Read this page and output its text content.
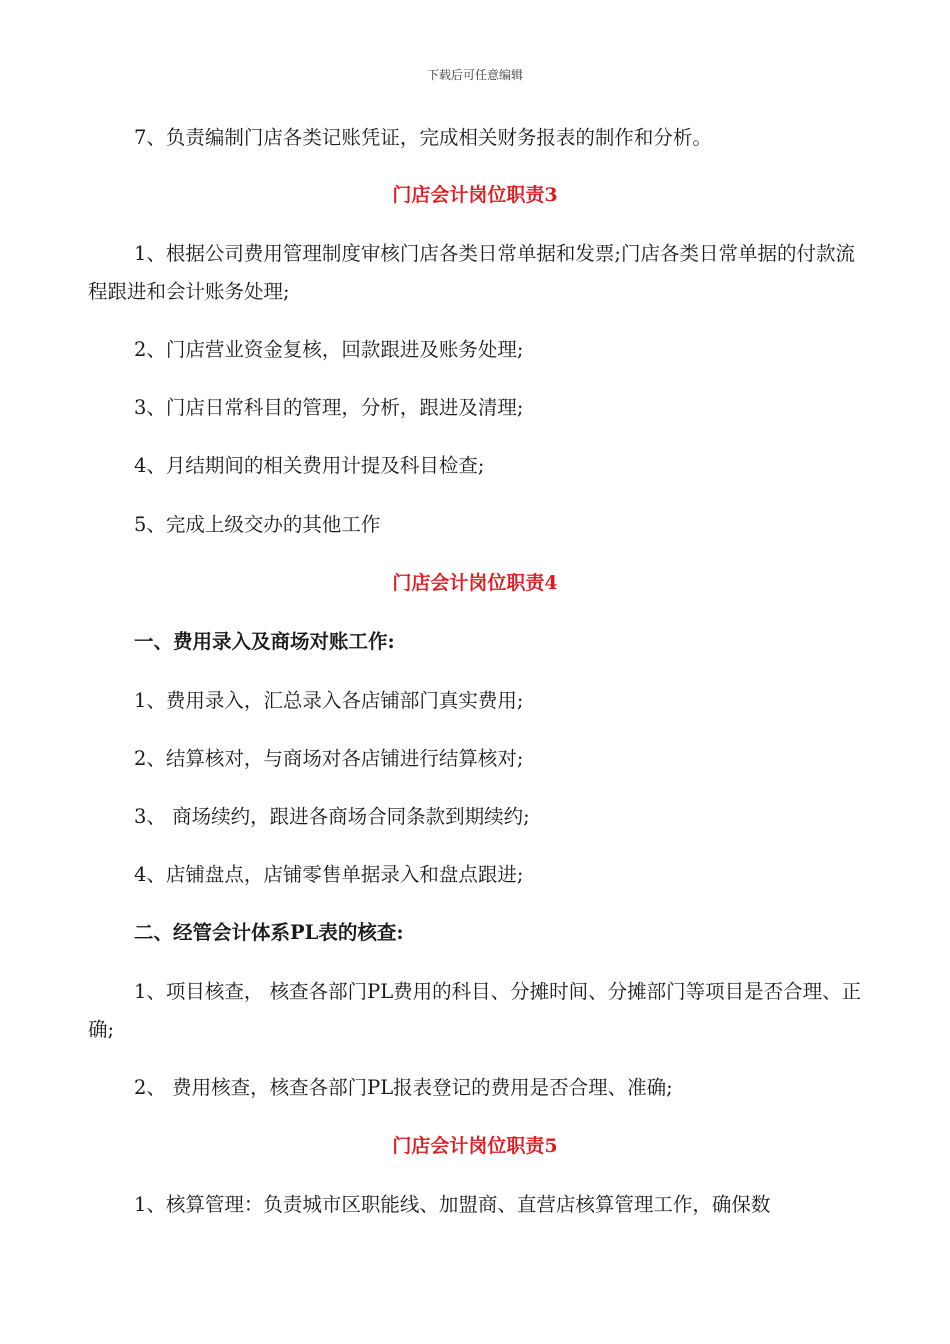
下载后可任意编辑
7、负责编制门店各类记账凭证，完成相关财务报表的制作和分析。
门店会计岗位职责3
1、根据公司费用管理制度审核门店各类日常单据和发票;门店各类日常单据的付款流程跟进和会计账务处理;
2、门店营业资金复核，回款跟进及账务处理;
3、门店日常科目的管理，分析，跟进及清理;
4、月结期间的相关费用计提及科目检查;
5、完成上级交办的其他工作
门店会计岗位职责4
一、费用录入及商场对账工作:
1、费用录入，汇总录入各店铺部门真实费用;
2、结算核对，与商场对各店铺进行结算核对;
3、 商场续约，跟进各商场合同条款到期续约;
4、店铺盘点，店铺零售单据录入和盘点跟进;
二、经管会计体系PL表的核查:
1、项目核查， 核查各部门PL费用的科目、分摊时间、分摊部门等项目是否合理、正确;
2、 费用核查，核查各部门PL报表登记的费用是否合理、准确;
门店会计岗位职责5
1、核算管理：负责城市区职能线、加盟商、直营店核算管理工作，确保数
